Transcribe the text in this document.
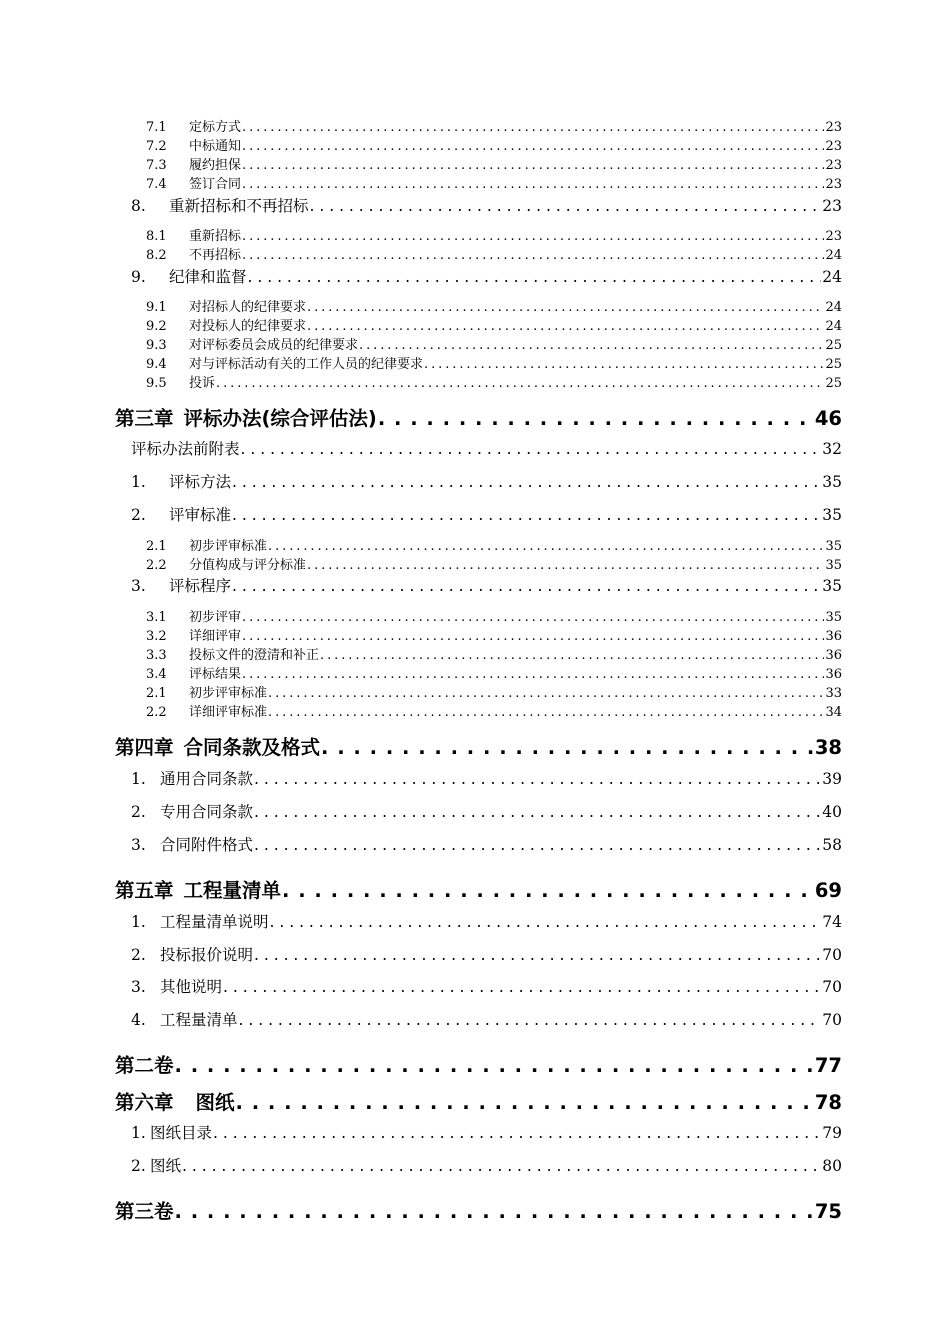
7.1 定标方式 . . .	23
7.2 中标通知 . . .	23
7.3 履约担保 . . .	23
7.4 签订合同 . . .	23
8. 重新招标和不再招标 . . .	23
8.1 重新招标 . . .	23
8.2 不再招标 . . .	24
9. 纪律和监督 . . .	24
9.1 对招标人的纪律要求 . . .	24
9.2 对投标人的纪律要求 . . .	24
9.3 对评标委员会成员的纪律要求 . . .	25
9.4 对与评标活动有关的工作人员的纪律要求 . . .	25
9.5 投诉 . . .	25
第三章 评标办法(综合评估法) . . .	46
评标办法前附表 . . .	32
1. 评标方法 . . .	35
2. 评审标准 . . .	35
2.1 初步评审标准 . . .	35
2.2 分值构成与评分标准 . . .	35
3. 评标程序 . . .	35
3.1 初步评审 . . .	35
3.2 详细评审 . . .	36
3.3 投标文件的澄清和补正 . . .	36
3.4 评标结果 . . .	36
2.1 初步评审标准 . . .	33
2.2 详细评审标准 . . .	34
第四章 合同条款及格式 . . .	38
1. 通用合同条款 . . .	39
2. 专用合同条款 . . .	40
3. 合同附件格式 . . .	58
第五章 工程量清单 . . .	69
1. 工程量清单说明 . . .	74
2. 投标报价说明 . . .	70
3. 其他说明 . . .	70
4. 工程量清单 . . .	70
第二卷 . . .	77
第六章 图纸 . . .	78
1. 图纸目录 . . .	79
2. 图纸 . . .	80
第三卷 . . .	75
